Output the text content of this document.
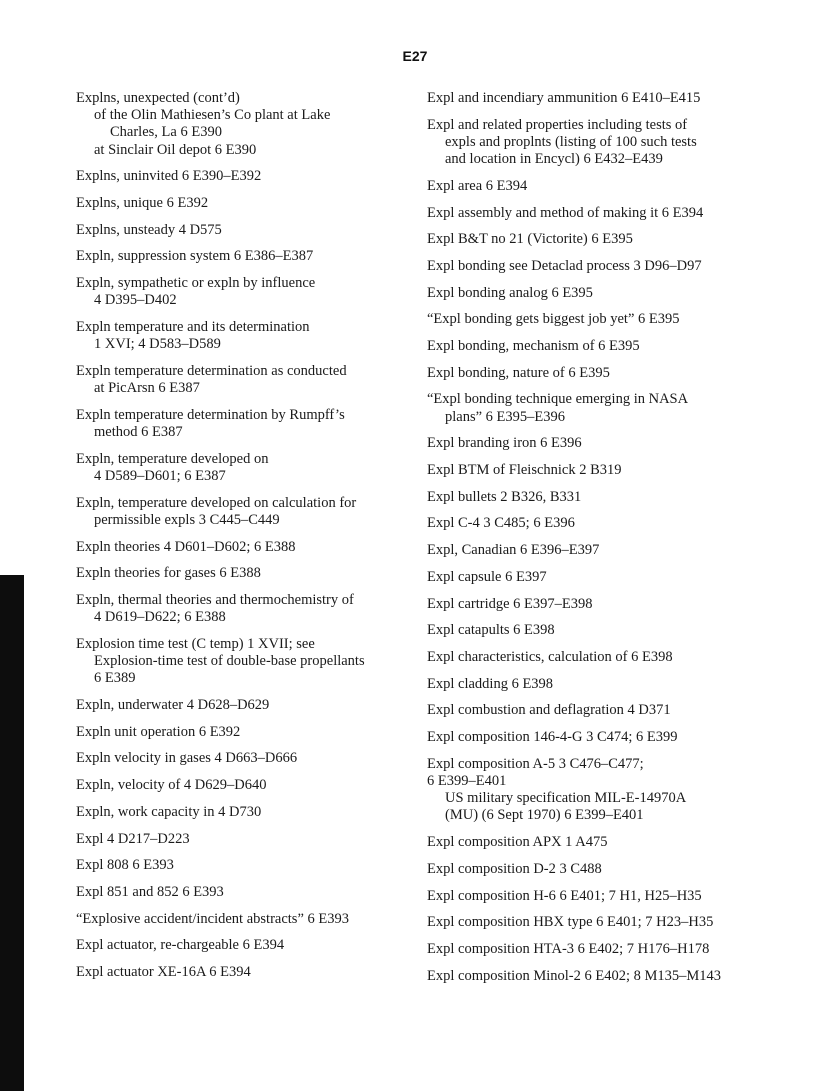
E27
Explns, unexpected (cont’d)
of the Olin Mathiesen’s Co plant at Lake
Charles, La 6 E390
at Sinclair Oil depot 6 E390
Explns, uninvited 6 E390–E392
Explns, unique 6 E392
Explns, unsteady 4 D575
Expln, suppression system 6 E386–E387
Expln, sympathetic or expln by influence
4 D395–D402
Expln temperature and its determination
1 XVI; 4 D583–D589
Expln temperature determination as conducted
at PicArsn 6 E387
Expln temperature determination by Rumpff’s
method 6 E387
Expln, temperature developed on
4 D589–D601; 6 E387
Expln, temperature developed on calculation for
permissible expls 3 C445–C449
Expln theories 4 D601–D602; 6 E388
Expln theories for gases 6 E388
Expln, thermal theories and thermochemistry of
4 D619–D622; 6 E388
Explosion time test (C temp) 1 XVII; see
Explosion-time test of double-base propellants
6 E389
Expln, underwater 4 D628–D629
Expln unit operation 6 E392
Expln velocity in gases 4 D663–D666
Expln, velocity of 4 D629–D640
Expln, work capacity in 4 D730
Expl 4 D217–D223
Expl 808 6 E393
Expl 851 and 852 6 E393
“Explosive accident/incident abstracts” 6 E393
Expl actuator, re-chargeable 6 E394
Expl actuator XE-16A 6 E394
Expl and incendiary ammunition 6 E410–E415
Expl and related properties including tests of
expls and proplnts (listing of 100 such tests
and location in Encycl) 6 E432–E439
Expl area 6 E394
Expl assembly and method of making it 6 E394
Expl B&T no 21 (Victorite) 6 E395
Expl bonding see Detaclad process 3 D96–D97
Expl bonding analog 6 E395
“Expl bonding gets biggest job yet” 6 E395
Expl bonding, mechanism of 6 E395
Expl bonding, nature of 6 E395
“Expl bonding technique emerging in NASA
plans” 6 E395–E396
Expl branding iron 6 E396
Expl BTM of Fleischnick 2 B319
Expl bullets 2 B326, B331
Expl C-4 3 C485; 6 E396
Expl, Canadian 6 E396–E397
Expl capsule 6 E397
Expl cartridge 6 E397–E398
Expl catapults 6 E398
Expl characteristics, calculation of 6 E398
Expl cladding 6 E398
Expl combustion and deflagration 4 D371
Expl composition 146-4-G 3 C474; 6 E399
Expl composition A-5 3 C476–C477;
6 E399–E401
US military specification MIL-E-14970A
(MU) (6 Sept 1970) 6 E399–E401
Expl composition APX 1 A475
Expl composition D-2 3 C488
Expl composition H-6 6 E401; 7 H1, H25–H35
Expl composition HBX type 6 E401; 7 H23–H35
Expl composition HTA-3 6 E402; 7 H176–H178
Expl composition Minol-2 6 E402; 8 M135–M143
